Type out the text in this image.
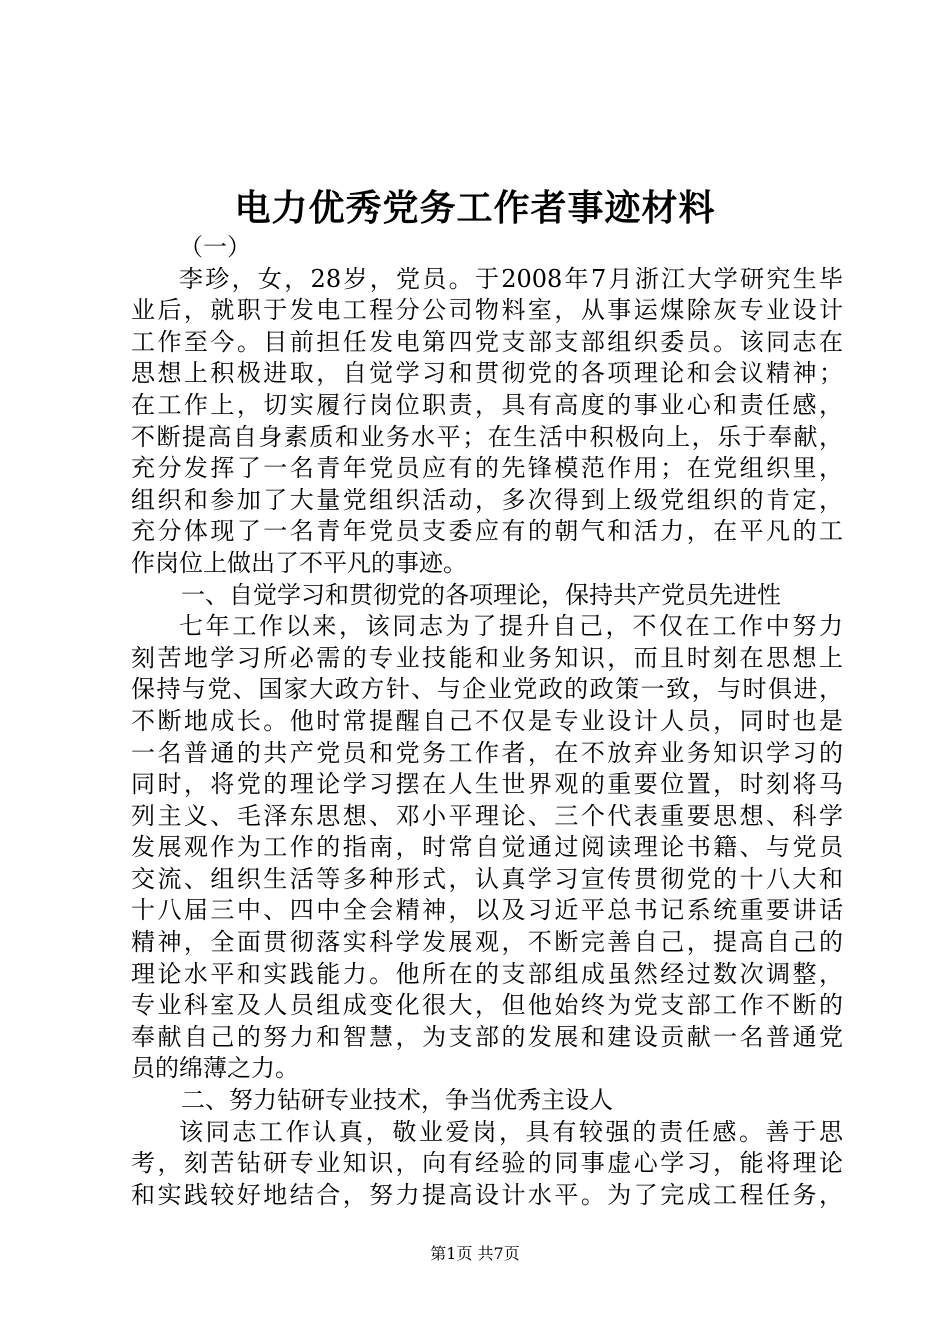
电力优秀党务工作者事迹材料
（一）
李珍，女，28岁，党员。于2008年7月浙江大学研究生毕
业后，就职于发电工程分公司物料室，从事运煤除灰专业设计
工作至今。目前担任发电第四党支部支部组织委员。该同志在
思想上积极进取，自觉学习和贯彻党的各项理论和会议精神；
在工作上，切实履行岗位职责，具有高度的事业心和责任感，
不断提高自身素质和业务水平；在生活中积极向上，乐于奉献，
充分发挥了一名青年党员应有的先锋模范作用；在党组织里，
组织和参加了大量党组织活动，多次得到上级党组织的肯定，
充分体现了一名青年党员支委应有的朝气和活力，在平凡的工
作岗位上做出了不平凡的事迹。
一、自觉学习和贯彻党的各项理论，保持共产党员先进性
七年工作以来，该同志为了提升自己，不仅在工作中努力
刻苦地学习所必需的专业技能和业务知识，而且时刻在思想上
保持与党、国家大政方针、与企业党政的政策一致，与时俱进，
不断地成长。他时常提醒自己不仅是专业设计人员，同时也是
一名普通的共产党员和党务工作者，在不放弃业务知识学习的
同时，将党的理论学习摆在人生世界观的重要位置，时刻将马
列主义、毛泽东思想、邓小平理论、三个代表重要思想、科学
发展观作为工作的指南，时常自觉通过阅读理论书籍、与党员
交流、组织生活等多种形式，认真学习宣传贯彻党的十八大和
十八届三中、四中全会精神，以及习近平总书记系统重要讲话
精神，全面贯彻落实科学发展观，不断完善自己，提高自己的
理论水平和实践能力。他所在的支部组成虽然经过数次调整，
专业科室及人员组成变化很大，但他始终为党支部工作不断的
奉献自己的努力和智慧，为支部的发展和建设贡献一名普通党
员的绵薄之力。
二、努力钻研专业技术，争当优秀主设人
该同志工作认真，敬业爱岗，具有较强的责任感。善于思
考，刻苦钻研专业知识，向有经验的同事虚心学习，能将理论
和实践较好地结合，努力提高设计水平。为了完成工程任务，
第1页 共7页
